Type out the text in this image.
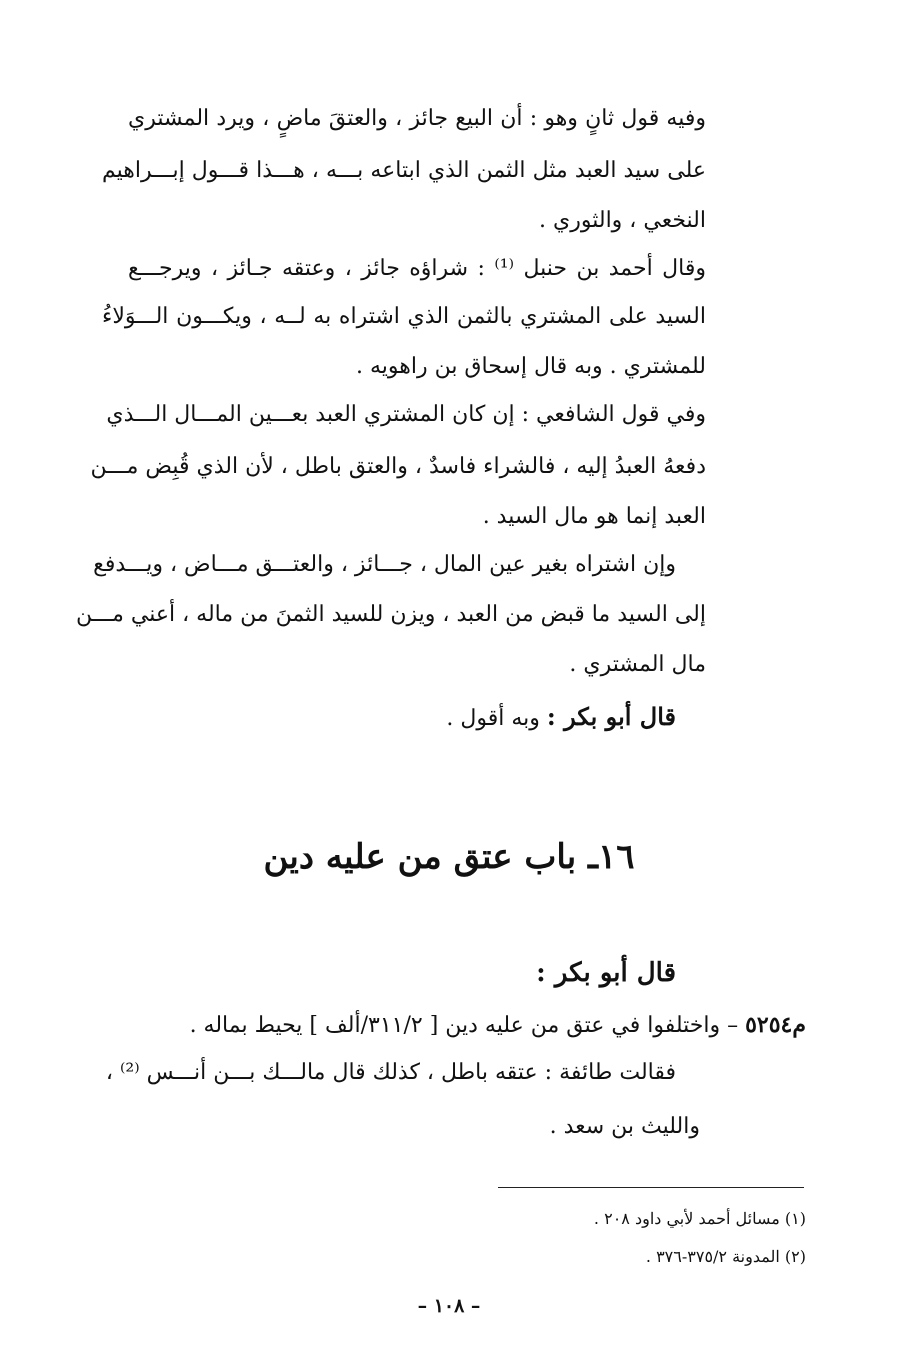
وفيه قول ثانٍ وهو : أن البيع جائز ، والعتقَ ماضٍ ، ويرد المشتري
على سيد العبد مثل الثمن الذي ابتاعه بـــه ، هـــذا قـــول إبـــراهيم
النخعي ، والثوري .
وقال أحمد بن حنبل ⁽¹⁾ : شراؤه جائز ، وعتقه جـائز ، ويرجـــع
السيد على المشتري بالثمن الذي اشتراه به لــه ، ويكـــون الـــوَلاءُ
للمشتري . وبه قال إسحاق بن راهويه .
وفي قول الشافعي : إن كان المشتري العبد بعـــين المـــال الـــذي
دفعهُ العبدُ إليه ، فالشراء فاسدٌ ، والعتق باطل ، لأن الذي قُبِض مـــن
العبد إنما هو مال السيد .
وإن اشتراه بغير عين المال ، جـــائز ، والعتـــق مـــاض ، ويـــدفع
إلى السيد ما قبض من العبد ، ويزن للسيد الثمنَ من ماله ، أعني مـــن
مال المشتري .
قال أبو بكر : وبه أقول .
١٦ـ باب عتق من عليه دين
قال أبو بكر :
م٥٢٥٤ – واختلفوا في عتق من عليه دين [ ٣١١/٢/ألف ] يحيط بماله .
فقالت طائفة : عتقه باطل ، كذلك قال مالـــك بـــن أنـــس ⁽²⁾ ،
والليث بن سعد .
(١) مسائل أحمد لأبي داود ٢٠٨ .
(٢) المدونة ٣٧٥/٢-٣٧٦ .
– ١٠٨ –
